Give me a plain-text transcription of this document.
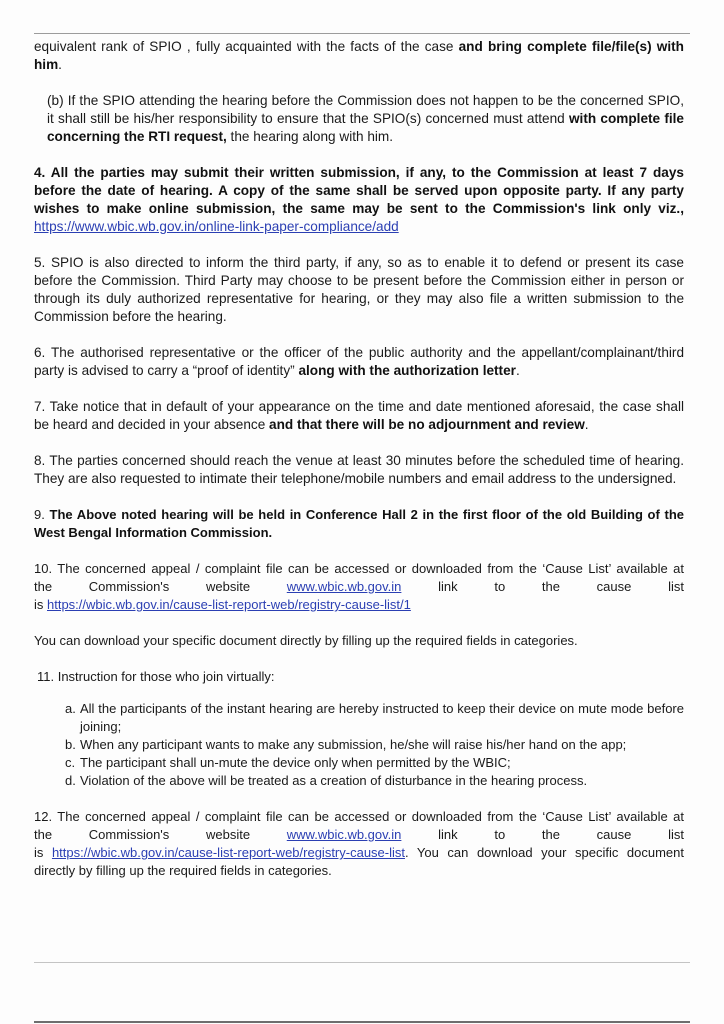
equivalent rank of SPIO , fully acquainted with the facts of the case and bring complete file/file(s) with him.

(b) If the SPIO attending the hearing before the Commission does not happen to be the concerned SPIO, it shall still be his/her responsibility to ensure that the SPIO(s) concerned must attend with complete file concerning the RTI request, the hearing along with him.

4. All the parties may submit their written submission, if any, to the Commission at least 7 days before the date of hearing. A copy of the same shall be served upon opposite party. If any party wishes to make online submission, the same may be sent to the Commission's link only viz., https://www.wbic.wb.gov.in/online-link-paper-compliance/add

5. SPIO is also directed to inform the third party, if any, so as to enable it to defend or present its case before the Commission. Third Party may choose to be present before the Commission either in person or through its duly authorized representative for hearing, or they may also file a written submission to the Commission before the hearing.

6. The authorised representative or the officer of the public authority and the appellant/complainant/third party is advised to carry a “proof of identity” along with the authorization letter.

7. Take notice that in default of your appearance on the time and date mentioned aforesaid, the case shall be heard and decided in your absence and that there will be no adjournment and review.

8. The parties concerned should reach the venue at least 30 minutes before the scheduled time of hearing. They are also requested to intimate their telephone/mobile numbers and email address to the undersigned.

9. The Above noted hearing will be held in Conference Hall 2 in the first floor of the old Building of the West Bengal Information Commission.

10. The concerned appeal / complaint file can be accessed or downloaded from the ‘Cause List’ available at

the	Commission's	website	www.wbic.wb.gov.in	link	to	the	cause	list

is https://wbic.wb.gov.in/cause-list-report-web/registry-cause-list/1

You can download your specific document directly by filling up the required fields in categories.

11. Instruction for those who join virtually:

a. All the participants of the instant hearing are hereby instructed to keep their device on mute mode before joining;
b. When any participant wants to make any submission, he/she will raise his/her hand on the app;
c. The participant shall un-mute the device only when permitted by the WBIC;
d. Violation of the above will be treated as a creation of disturbance in the hearing process.

12. The concerned appeal / complaint file can be accessed or downloaded from the ‘Cause List’ available at

the	Commission's	website	www.wbic.wb.gov.in	link	to	the	cause	list

is https://wbic.wb.gov.in/cause-list-report-web/registry-cause-list. You can download your specific document directly by filling up the required fields in categories.
